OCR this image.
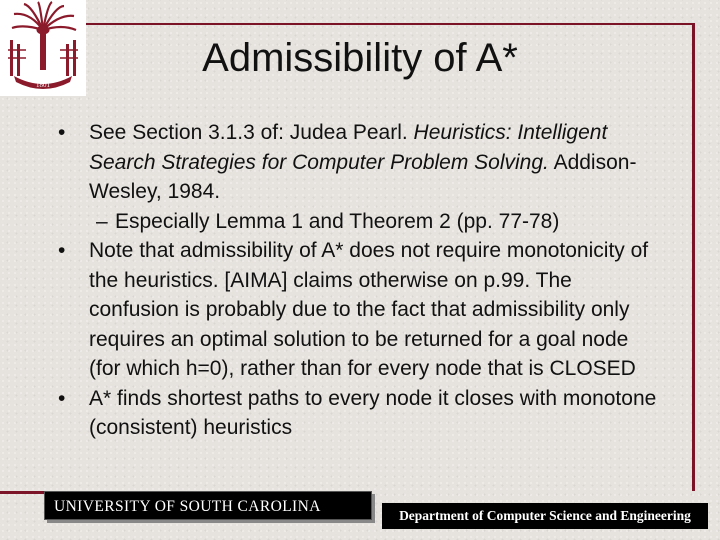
1801
Admissibility of A*
• See Section 3.1.3 of: Judea Pearl. Heuristics: Intelligent Search Strategies for Computer Problem Solving. Addison-Wesley, 1984.
– Especially Lemma 1 and Theorem 2 (pp. 77-78)
• Note that admissibility of A* does not require monotonicity of the heuristics. [AIMA] claims otherwise on p.99. The confusion is probably due to the fact that admissibility only requires an optimal solution to be returned for a goal node (for which h=0), rather than for every node that is CLOSED
• A* finds shortest paths to every node it closes with monotone (consistent) heuristics
UNIVERSITY OF SOUTH CAROLINA
Department of Computer Science and Engineering
